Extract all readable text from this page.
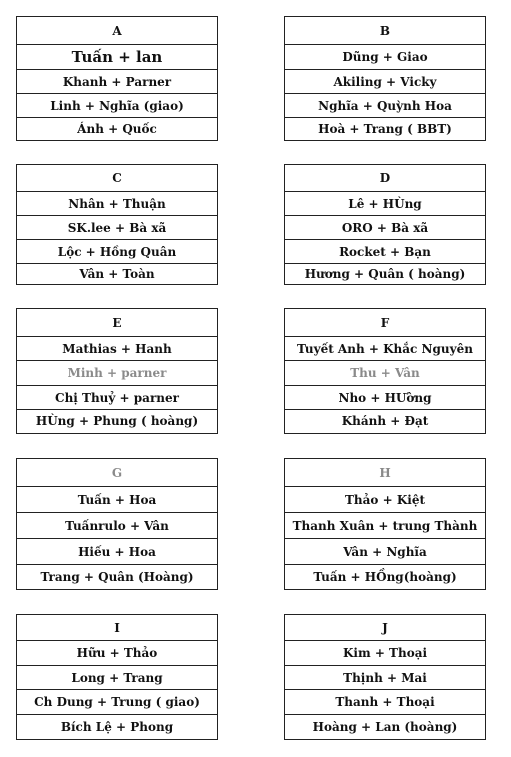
A
Tuấn + lan
Khanh + Parner
Linh + Nghĩa (giao)
Ánh + Quốc
B
Dũng + Giao
Akiling + Vicky
Nghĩa + Quỳnh Hoa
Hoà + Trang ( BBT)
C
Nhân + Thuận
SK.lee + Bà xã
Lộc + Hồng Quân
Vân + Toàn
D
Lê + HÙng
ORO + Bà xã
Rocket + Bạn
Hương + Quân ( hoàng)
E
Mathias + Hanh
Minh + parner
Chị Thuỷ + parner
HÙng + Phung ( hoàng)
F
Tuyết Anh + Khắc Nguyên
Thu + Vân
Nho + HƯờng
Khánh + Đạt
G
Tuấn + Hoa
Tuấnrulo + Vân
Hiếu + Hoa
Trang + Quân (Hoàng)
H
Thảo + Kiệt
Thanh Xuân + trung Thành
Vân + Nghĩa
Tuấn + HỒng(hoàng)
I
Hữu + Thảo
Long + Trang
Ch Dung + Trung ( giao)
Bích Lệ + Phong
J
Kim + Thoại
Thịnh + Mai
Thanh + Thoại
Hoàng + Lan (hoàng)
